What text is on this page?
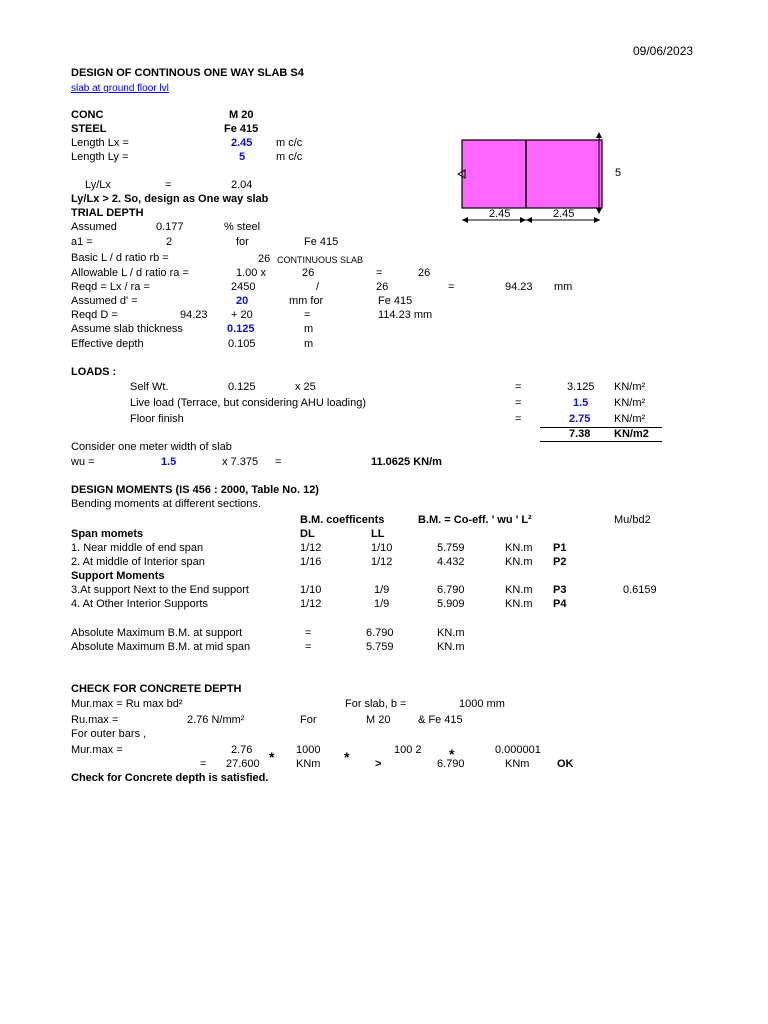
09/06/2023
DESIGN OF CONTINOUS ONE WAY SLAB S4
slab at ground floor lvl
CONC	M 20
STEEL	Fe 415
Length Lx =	2.45 m c/c
Length Ly =	5	m c/c
Ly/Lx	=	2.04
Ly/Lx > 2. So, design as One way slab
5
2.45	2.45
TRIAL DEPTH
Assumed	0.177	% steel
a1 =	2	for	Fe 415
Basic L / d ratio rb =	26 CONTINUOUS SLAB
Allowable L / d ratio ra =	1.00 x	26	=	26
Reqd = Lx / ra =	2450	/	26	=	94.23 mm
Assumed d' =	20	mm for	Fe 415
Reqd D =	94.23 + 20	=	114.23 mm
Assume slab thickness	0.125	m
Effective depth	0.105	m
LOADS :
Self Wt.	0.125	x 25	=	3.125 KN/m²
Live load (Terrace, but considering AHU loading)	=	1.5 KN/m²
Floor finish	=	2.75 KN/m²
7.38 KN/m2
Consider one meter width of slab
wu =	1.5	x 7.375 =	11.0625 KN/m
DESIGN MOMENTS (IS 456 : 2000, Table No. 12)
Bending moments at different sections.
B.M. coefficents	B.M. = Co-eff. ' wu ' L²	Mu/bd2
Span momets	DL	LL
1. Near middle of end span	1/12	1/10	5.759	KN.m P1
2. At middle of Interior span	1/16	1/12	4.432	KN.m P2
Support Moments
3.At support Next to the End support	1/10	1/9	6.790	KN.m P3	0.6159
4. At Other Interior Supports	1/12	1/9	5.909	KN.m P4
Absolute Maximum B.M. at support	=	6.790	KN.m
Absolute Maximum B.M. at mid span	=	5.759	KN.m
CHECK FOR CONCRETE DEPTH
Mur.max = Ru max bd²	For slab, b =	1000 mm
Ru.max =	2.76 N/mm²	For	M 20	& Fe 415
For outer bars ,
Mur.max =	2.76	1000	100 2	0.000001
*	*	*
= 27.600	KNm	>	6.790	KNm	OK
Check for Concrete depth is satisfied.
